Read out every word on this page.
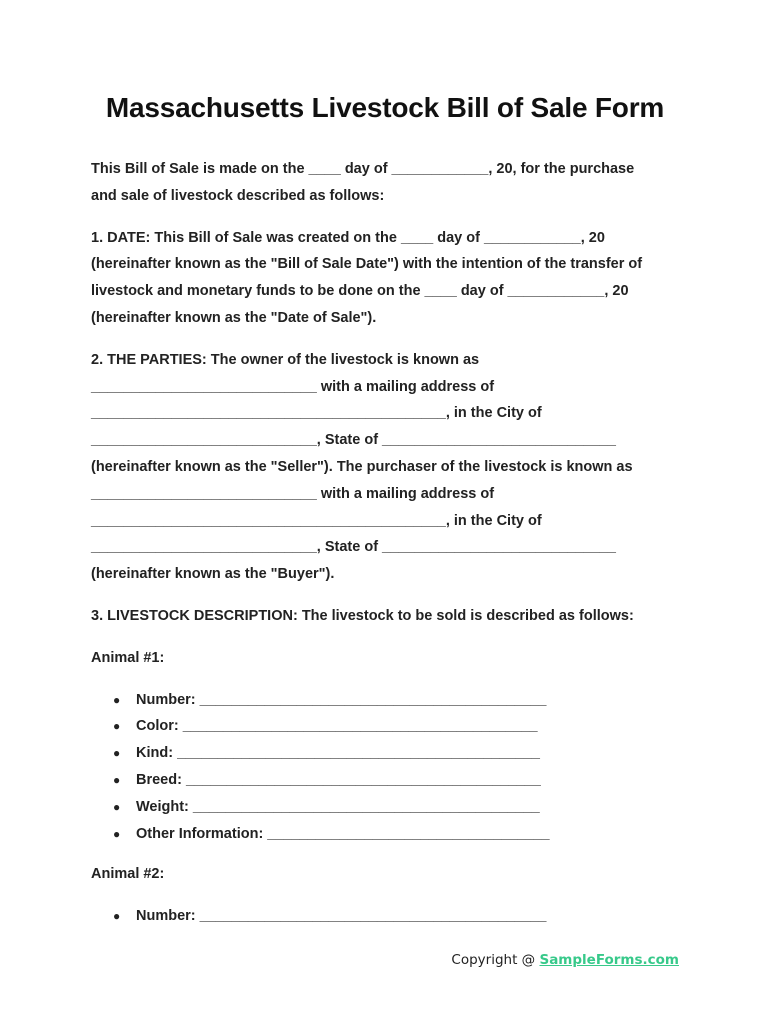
Massachusetts Livestock Bill of Sale Form
This Bill of Sale is made on the ____ day of ____________, 20, for the purchase
and sale of livestock described as follows:
1. DATE: This Bill of Sale was created on the ____ day of ____________, 20
(hereinafter known as the "Bill of Sale Date") with the intention of the transfer of
livestock and monetary funds to be done on the ____ day of ____________, 20
(hereinafter known as the "Date of Sale").
2. THE PARTIES: The owner of the livestock is known as
____________________________ with a mailing address of
____________________________________________, in the City of
____________________________, State of _____________________________
(hereinafter known as the "Seller"). The purchaser of the livestock is known as
____________________________ with a mailing address of
____________________________________________, in the City of
____________________________, State of _____________________________
(hereinafter known as the "Buyer").
3. LIVESTOCK DESCRIPTION: The livestock to be sold is described as follows:
Animal #1:
● Number: ___________________________________________
● Color: ____________________________________________
● Kind: _____________________________________________
● Breed: ____________________________________________
● Weight: ___________________________________________
● Other Information: ___________________________________
Animal #2:
● Number: ___________________________________________
Copyright @ SampleForms.com
